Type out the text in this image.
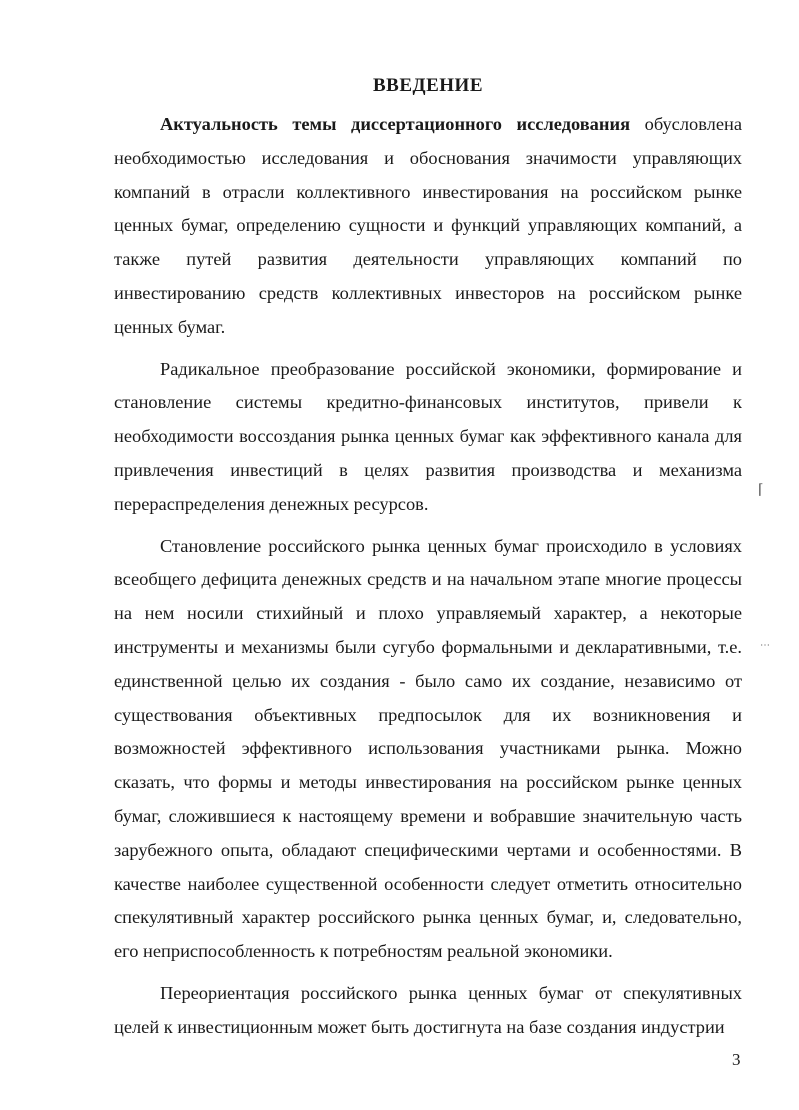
ВВЕДЕНИЕ

Актуальность темы диссертационного исследования обусловлена необходимостью исследования и обоснования значимости управляющих компаний в отрасли коллективного инвестирования на российском рынке ценных бумаг, определению сущности и функций управляющих компаний, а также путей развития деятельности управляющих компаний по инвестированию средств коллективных инвесторов на российском рынке ценных бумаг.

Радикальное преобразование российской экономики, формирование и становление системы кредитно-финансовых институтов, привели к необходимости воссоздания рынка ценных бумаг как эффективного канала для привлечения инвестиций в целях развития производства и механизма перераспределения денежных ресурсов.

Становление российского рынка ценных бумаг происходило в условиях всеобщего дефицита денежных средств и на начальном этапе многие процессы на нем носили стихийный и плохо управляемый характер, а некоторые инструменты и механизмы были сугубо формальными и декларативными, т.е. единственной целью их создания - было само их создание, независимо от существования объективных предпосылок для их возникновения и возможностей эффективного использования участниками рынка. Можно сказать, что формы и методы инвестирования на российском рынке ценных бумаг, сложившиеся к настоящему времени и вобравшие значительную часть зарубежного опыта, обладают специфическими чертами и особенностями. В качестве наиболее существенной особенности следует отметить относительно спекулятивный характер российского рынка ценных бумаг, и, следовательно, его неприспособленность к потребностям реальной экономики.

Переориентация российского рынка ценных бумаг от спекулятивных целей к инвестиционным может быть достигнута на базе создания индустрии

⌈
⋯
3
